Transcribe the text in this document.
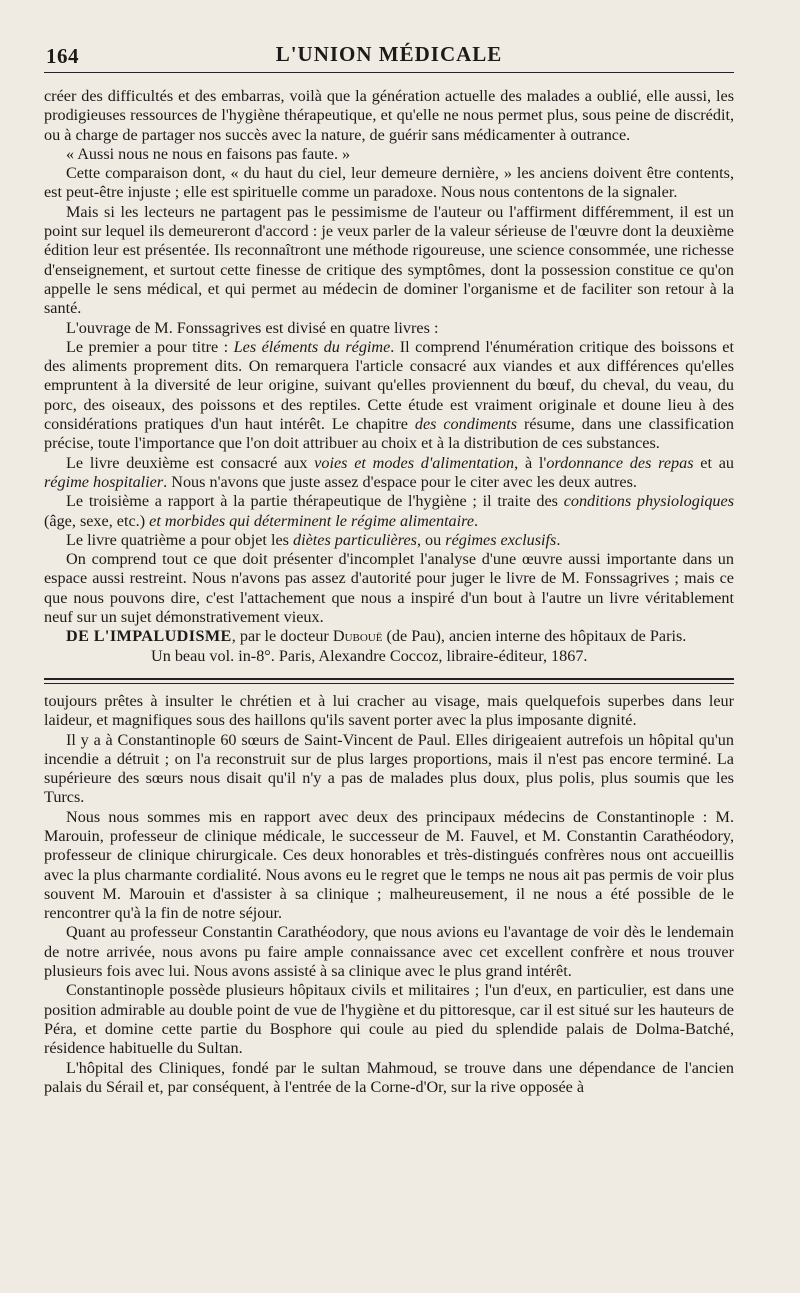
164	L'UNION MÉDICALE

créer des difficultés et des embarras, voilà que la génération actuelle des malades a oublié, elle aussi, les prodigieuses ressources de l'hygiène thérapeutique, et qu'elle ne nous permet plus, sous peine de discrédit, ou à charge de partager nos succès avec la nature, de guérir sans médicamenter à outrance.

« Aussi nous ne nous en faisons pas faute. »

Cette comparaison dont, « du haut du ciel, leur demeure dernière, » les anciens doivent être contents, est peut-être injuste ; elle est spirituelle comme un paradoxe. Nous nous contentons de la signaler.

Mais si les lecteurs ne partagent pas le pessimisme de l'auteur ou l'affirment différemment, il est un point sur lequel ils demeureront d'accord : je veux parler de la valeur sérieuse de l'œuvre dont la deuxième édition leur est présentée. Ils reconnaîtront une méthode rigoureuse, une science consommée, une richesse d'enseignement, et surtout cette finesse de critique des symptômes, dont la possession constitue ce qu'on appelle le sens médical, et qui permet au médecin de dominer l'organisme et de faciliter son retour à la santé.

L'ouvrage de M. Fonssagrives est divisé en quatre livres :

Le premier a pour titre : Les éléments du régime. Il comprend l'énumération critique des boissons et des aliments proprement dits. On remarquera l'article consacré aux viandes et aux différences qu'elles empruntent à la diversité de leur origine, suivant qu'elles proviennent du bœuf, du cheval, du veau, du porc, des oiseaux, des poissons et des reptiles. Cette étude est vraiment originale et doune lieu à des considérations pratiques d'un haut intérêt. Le chapitre des condiments résume, dans une classification précise, toute l'importance que l'on doit attribuer au choix et à la distribution de ces substances.

Le livre deuxième est consacré aux voies et modes d'alimentation, à l'ordonnance des repas et au régime hospitalier. Nous n'avons que juste assez d'espace pour le citer avec les deux autres.

Le troisième a rapport à la partie thérapeutique de l'hygiène ; il traite des conditions physiologiques (âge, sexe, etc.) et morbides qui déterminent le régime alimentaire.

Le livre quatrième a pour objet les diètes particulières, ou régimes exclusifs.

On comprend tout ce que doit présenter d'incomplet l'analyse d'une œuvre aussi importante dans un espace aussi restreint. Nous n'avons pas assez d'autorité pour juger le livre de M. Fonssagrives ; mais ce que nous pouvons dire, c'est l'attachement que nous a inspiré d'un bout à l'autre un livre véritablement neuf sur un sujet démonstrativement vieux.

DE L'IMPALUDISME, par le docteur Dubouë (de Pau), ancien interne des hôpitaux de Paris.

Un beau vol. in-8°. Paris, Alexandre Coccoz, libraire-éditeur, 1867.

toujours prêtes à insulter le chrétien et à lui cracher au visage, mais quelquefois superbes dans leur laideur, et magnifiques sous des haillons qu'ils savent porter avec la plus imposante dignité.

Il y a à Constantinople 60 sœurs de Saint-Vincent de Paul. Elles dirigeaient autrefois un hôpital qu'un incendie a détruit ; on l'a reconstruit sur de plus larges proportions, mais il n'est pas encore terminé. La supérieure des sœurs nous disait qu'il n'y a pas de malades plus doux, plus polis, plus soumis que les Turcs.

Nous nous sommes mis en rapport avec deux des principaux médecins de Constantinople : M. Marouin, professeur de clinique médicale, le successeur de M. Fauvel, et M. Constantin Carathéodory, professeur de clinique chirurgicale. Ces deux honorables et très-distingués confrères nous ont accueillis avec la plus charmante cordialité. Nous avons eu le regret que le temps ne nous ait pas permis de voir plus souvent M. Marouin et d'assister à sa clinique ; malheureusement, il ne nous a été possible de le rencontrer qu'à la fin de notre séjour.

Quant au professeur Constantin Carathéodory, que nous avions eu l'avantage de voir dès le lendemain de notre arrivée, nous avons pu faire ample connaissance avec cet excellent confrère et nous trouver plusieurs fois avec lui. Nous avons assisté à sa clinique avec le plus grand intérêt.

Constantinople possède plusieurs hôpitaux civils et militaires ; l'un d'eux, en particulier, est dans une position admirable au double point de vue de l'hygiène et du pittoresque, car il est situé sur les hauteurs de Péra, et domine cette partie du Bosphore qui coule au pied du splendide palais de Dolma-Batché, résidence habituelle du Sultan.

L'hôpital des Cliniques, fondé par le sultan Mahmoud, se trouve dans une dépendance de l'ancien palais du Sérail et, par conséquent, à l'entrée de la Corne-d'Or, sur la rive opposée à
